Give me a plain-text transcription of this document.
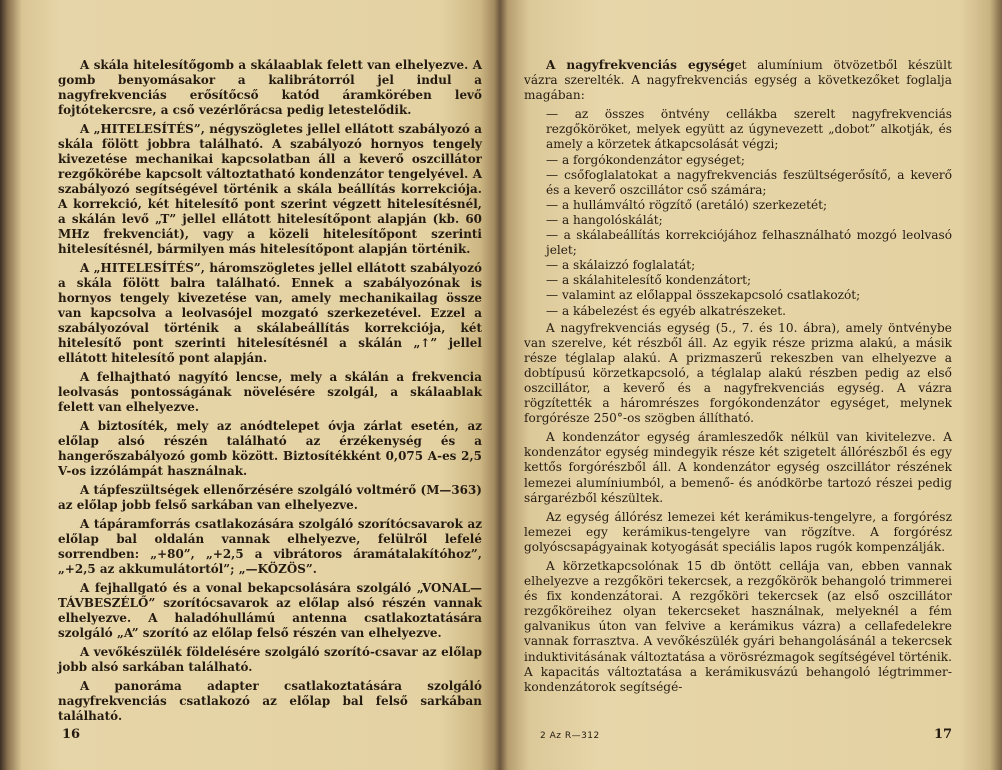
A skála hitelesítőgomb a skálaablak felett van elhelyezve. A gomb benyomásakor a kalibrátorról jel indul a nagyfrekvenciás erősítőcső katód áramkörében levő fojtótekercsre, a cső vezérlőrácsa pedig letestelődik.

A „HITELESÍTÉS”, négyszögletes jellel ellátott szabályozó a skála fölött jobbra található. A szabályozó hornyos tengely kivezetése mechanikai kapcsolatban áll a keverő oszcillátor rezgőkörébe kapcsolt változtatható kondenzátor tengelyével. A szabályozó segítségével történik a skála beállítás korrekciója. A korrekció, két hitelesítő pont szerint végzett hitelesítésnél, a skálán levő „T” jellel ellátott hitelesítőpont alapján (kb. 60 MHz frekvenciát), vagy a közeli hitelesítőpont szerinti hitelesítésnél, bármilyen más hitelesítőpont alapján történik.

A „HITELESÍTÉS”, háromszögletes jellel ellátott szabályozó a skála fölött balra található. Ennek a szabályozónak is hornyos tengely kivezetése van, amely mechanikailag össze van kapcsolva a leolvasójel mozgató szerkezetével. Ezzel a szabályozóval történik a skálabeállítás korrekciója, két hitelesítő pont szerinti hitelesítésnél a skálán „↑” jellel ellátott hitelesítő pont alapján.

A felhajtható nagyító lencse, mely a skálán a frekvencia leolvasás pontosságának növelésére szolgál, a skálaablak felett van elhelyezve.

A biztosíték, mely az anódtelepet óvja zárlat esetén, az előlap alsó részén található az érzékenység és a hangerőszabályozó gomb között. Biztosítékként 0,075 A-es 2,5 V-os izzólámpát használnak.

A tápfeszültségek ellenőrzésére szolgáló voltmérő (M—363) az előlap jobb felső sarkában van elhelyezve.

A tápáramforrás csatlakozására szolgáló szorítócsavarok az előlap bal oldalán vannak elhelyezve, felülről lefelé sorrendben: „+80”, „+2,5 a vibrátoros áramátalakítóhoz”, „+2,5 az akkumulátortól”; „—KÖZÖS”.

A fejhallgató és a vonal bekapcsolására szolgáló „VONAL—TÁVBESZÉLŐ” szorítócsavarok az előlap alsó részén vannak elhelyezve. A haladóhullámú antenna csatlakoztatására szolgáló „A” szorító az előlap felső részén van elhelyezve.

A vevőkészülék földelésére szolgáló szorító-csavar az előlap jobb alsó sarkában található.

A panoráma adapter csatlakoztatására szolgáló nagyfrekvenciás csatlakozó az előlap bal felső sarkában található.

16

A nagyfrekvenciás egységet alumínium ötvözetből készült vázra szerelték. A nagyfrekvenciás egység a következőket foglalja magában:

— az összes öntvény cellákba szerelt nagyfrekvenciás rezgőköröket, melyek együtt az úgynevezett „dobot” alkotják, és amely a körzetek átkapcsolását végzi;
— a forgókondenzátor egységet;
— csőfoglalatokat a nagyfrekvenciás feszültségerősítő, a keverő és a keverő oszcillátor cső számára;
— a hullámváltó rögzítő (aretáló) szerkezetét;
— a hangolóskálát;
— a skálabeállítás korrekciójához felhasználható mozgó leolvasó jelet;
— a skálaizzó foglalatát;
— a skálahitelesítő kondenzátort;
— valamint az előlappal összekapcsoló csatlakozót;
— a kábelezést és egyéb alkatrészeket.

A nagyfrekvenciás egység (5., 7. és 10. ábra), amely öntvénybe van szerelve, két részből áll. Az egyik része prizma alakú, a másik része téglalap alakú. A prizmaszerű rekeszben van elhelyezve a dobtípusú körzetkapcsoló, a téglalap alakú részben pedig az első oszcillátor, a keverő és a nagyfrekvenciás egység. A vázra rögzítették a háromrészes forgókondenzátor egységet, melynek forgórésze 250°-os szögben állítható.

A kondenzátor egység áramleszedők nélkül van kivitelezve. A kondenzátor egység mindegyik része két szigetelt állórészből és egy kettős forgórészből áll. A kondenzátor egység oszcillátor részének lemezei alumíniumból, a bemenő- és anódkörbe tartozó részei pedig sárgarézből készültek.

Az egység állórész lemezei két kerámikus-tengelyre, a forgórész lemezei egy kerámikus-tengelyre van rögzítve. A forgórész golyóscsapágyainak kotyogását speciális lapos rugók kompenzálják.

A körzetkapcsolónak 15 db öntött cellája van, ebben vannak elhelyezve a rezgőköri tekercsek, a rezgőkörök behangoló trimmerei és fix kondenzátorai. A rezgőköri tekercsek (az első oszcillátor rezgőköreihez olyan tekercseket használnak, melyeknél a fém galvanikus úton van felvive a kerámikus vázra) a cellafedelekre vannak forrasztva. A vevőkészülék gyári behangolásánál a tekercsek induktivitásának változtatása a vörösrézmagok segítségével történik. A kapacitás változtatása a kerámikusvázú behangoló légtrimmer-kondenzátorok segítségé-

2 Az R—312	17
